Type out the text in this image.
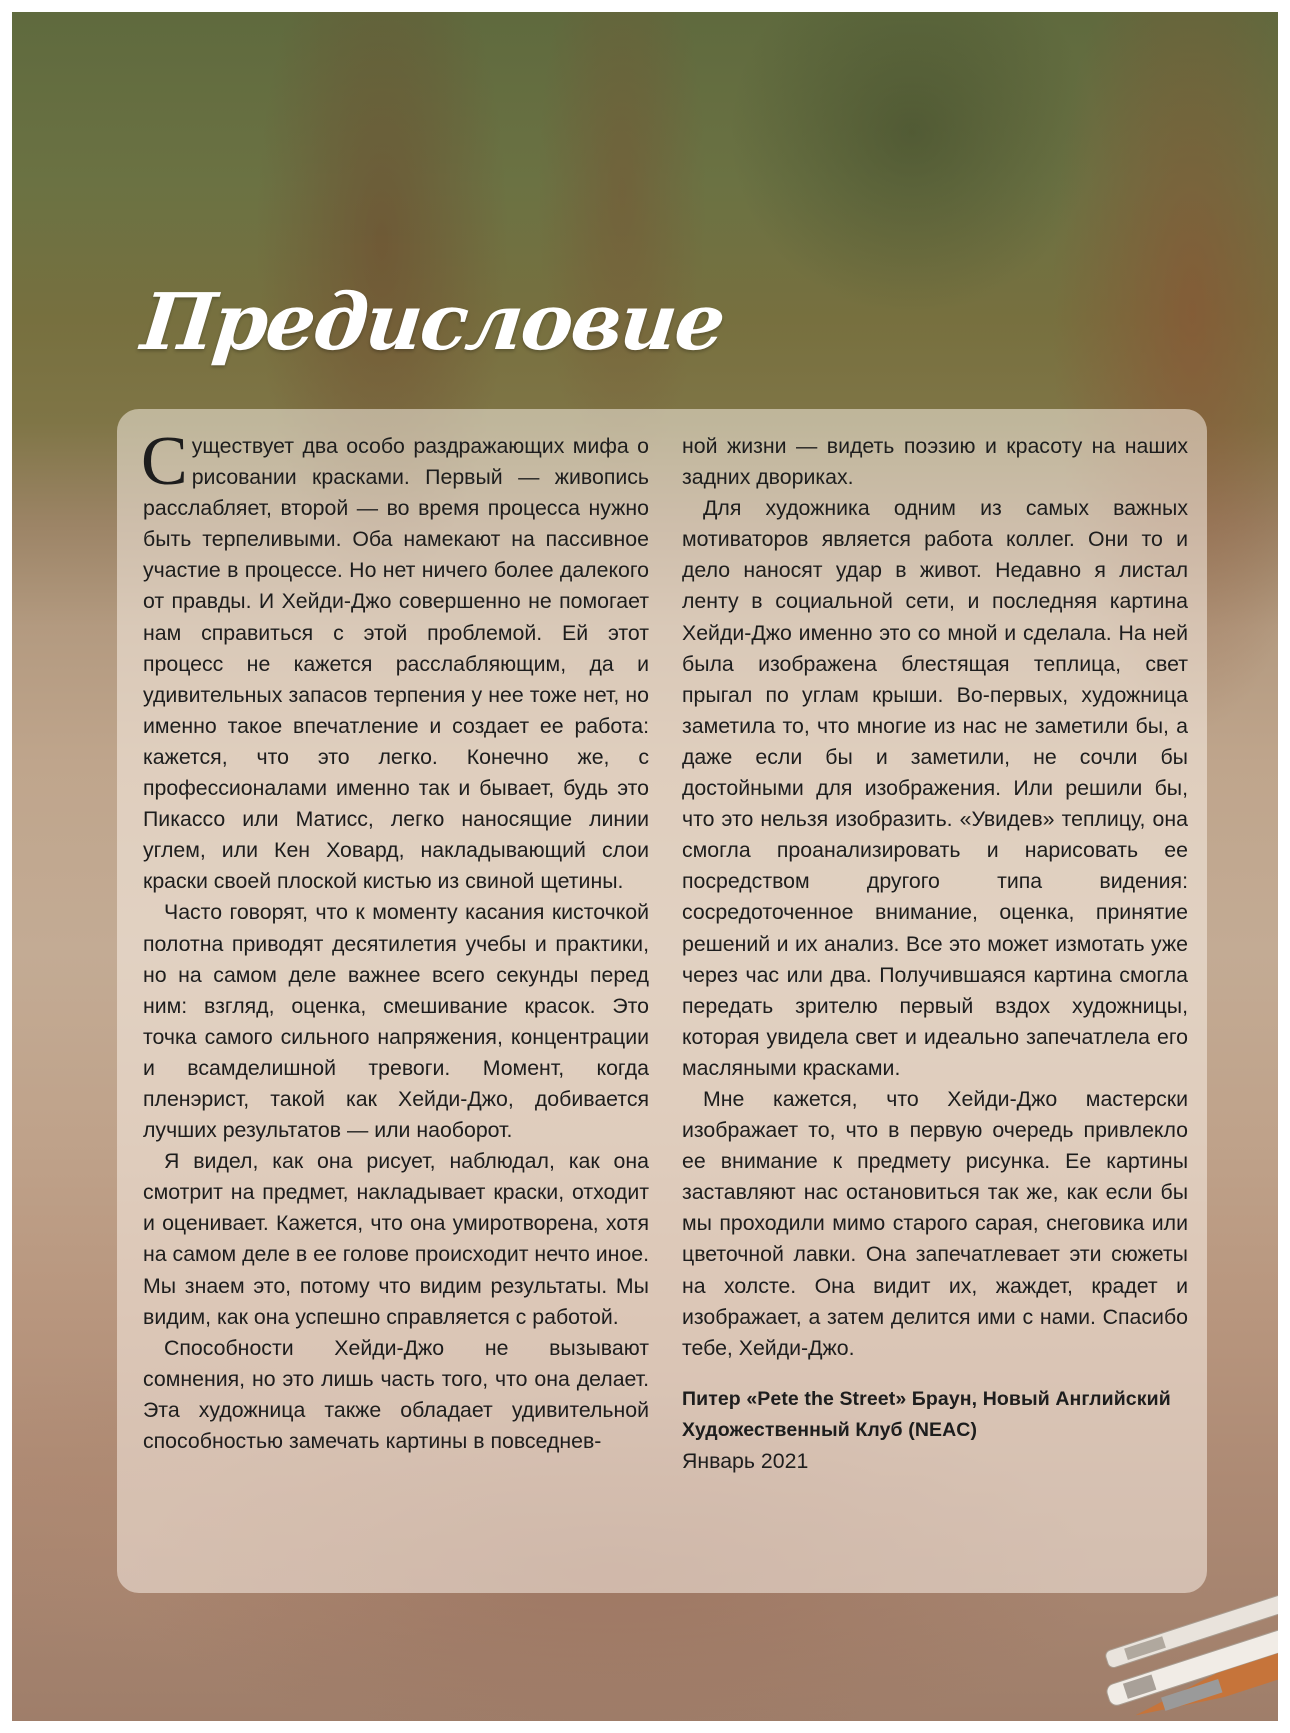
Предисловие

Существует два особо раздражающих мифа о рисовании красками. Первый — живопись расслабляет, второй — во время процесса нужно быть терпеливыми. Оба намекают на пассивное участие в процессе. Но нет ничего более далекого от правды. И Хейди-Джо совершенно не помогает нам справиться с этой проблемой. Ей этот процесс не кажется расслабляющим, да и удивительных запасов терпения у нее тоже нет, но именно такое впечатление и создает ее работа: кажется, что это легко. Конечно же, с профессионалами именно так и бывает, будь это Пикассо или Матисс, легко наносящие линии углем, или Кен Ховард, накладывающий слои краски своей плоской кистью из свиной щетины.

Часто говорят, что к моменту касания кисточкой полотна приводят десятилетия учебы и практики, но на самом деле важнее всего секунды перед ним: взгляд, оценка, смешивание красок. Это точка самого сильного напряжения, концентрации и всамделишной тревоги. Момент, когда пленэрист, такой как Хейди-Джо, добивается лучших результатов — или наоборот.

Я видел, как она рисует, наблюдал, как она смотрит на предмет, накладывает краски, отходит и оценивает. Кажется, что она умиротворена, хотя на самом деле в ее голове происходит нечто иное. Мы знаем это, потому что видим результаты. Мы видим, как она успешно справляется с работой.

Способности Хейди-Джо не вызывают сомнения, но это лишь часть того, что она делает. Эта художница также обладает удивительной способностью замечать картины в повседнев-

ной жизни — видеть поэзию и красоту на наших задних двориках.

Для художника одним из самых важных мотиваторов является работа коллег. Они то и дело наносят удар в живот. Недавно я листал ленту в социальной сети, и последняя картина Хейди-Джо именно это со мной и сделала. На ней была изображена блестящая теплица, свет прыгал по углам крыши. Во-первых, художница заметила то, что многие из нас не заметили бы, а даже если бы и заметили, не сочли бы достойными для изображения. Или решили бы, что это нельзя изобразить. «Увидев» теплицу, она смогла проанализировать и нарисовать ее посредством другого типа видения: сосредоточенное внимание, оценка, принятие решений и их анализ. Все это может измотать уже через час или два. Получившаяся картина смогла передать зрителю первый вздох художницы, которая увидела свет и идеально запечатлела его масляными красками.

Мне кажется, что Хейди-Джо мастерски изображает то, что в первую очередь привлекло ее внимание к предмету рисунка. Ее картины заставляют нас остановиться так же, как если бы мы проходили мимо старого сарая, снеговика или цветочной лавки. Она запечатлевает эти сюжеты на холсте. Она видит их, жаждет, крадет и изображает, а затем делится ими с нами. Спасибо тебе, Хейди-Джо.

Питер «Pete the Street» Браун, Новый Английский Художественный Клуб (NEAC)
Январь 2021
